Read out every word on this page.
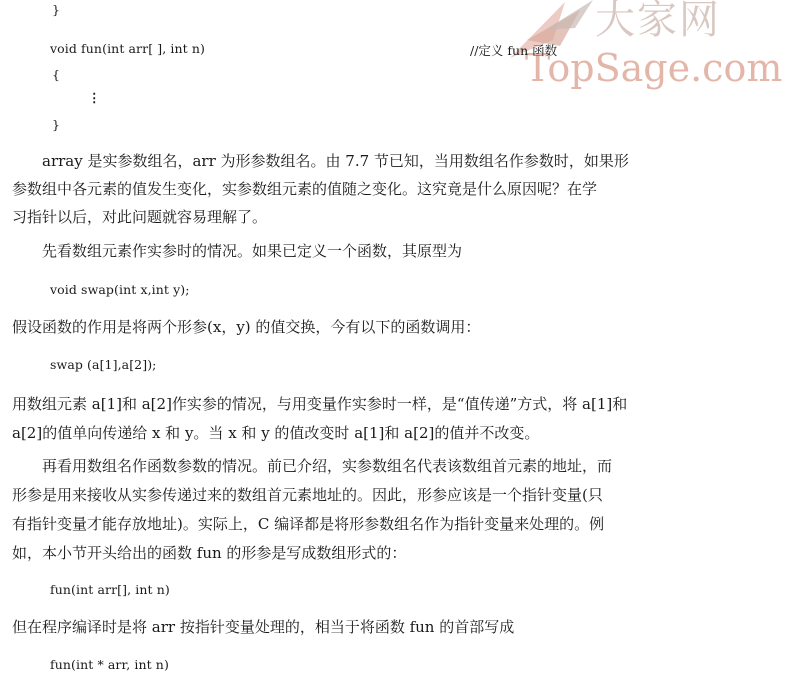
大家网
TopSage.com
}
void fun(int arr[ ], int n)	//定义 fun 函数
{
⋮
}
array 是实参数组名，arr 为形参数组名。由 7.7 节已知，当用数组名作参数时，如果形
参数组中各元素的值发生变化，实参数组元素的值随之变化。这究竟是什么原因呢？在学
习指针以后，对此问题就容易理解了。
先看数组元素作实参时的情况。如果已定义一个函数，其原型为
void swap(int x,int y);
假设函数的作用是将两个形参(x，y) 的值交换，今有以下的函数调用：
swap (a[1],a[2]);
用数组元素 a[1]和 a[2]作实参的情况，与用变量作实参时一样，是“值传递”方式，将 a[1]和
a[2]的值单向传递给 x 和 y。当 x 和 y 的值改变时 a[1]和 a[2]的值并不改变。
再看用数组名作函数参数的情况。前已介绍，实参数组名代表该数组首元素的地址，而
形参是用来接收从实参传递过来的数组首元素地址的。因此，形参应该是一个指针变量(只
有指针变量才能存放地址)。实际上，C 编译都是将形参数组名作为指针变量来处理的。例
如，本小节开头给出的函数 fun 的形参是写成数组形式的：
fun(int arr[], int n)
但在程序编译时是将 arr 按指针变量处理的，相当于将函数 fun 的首部写成
fun(int * arr, int n)
